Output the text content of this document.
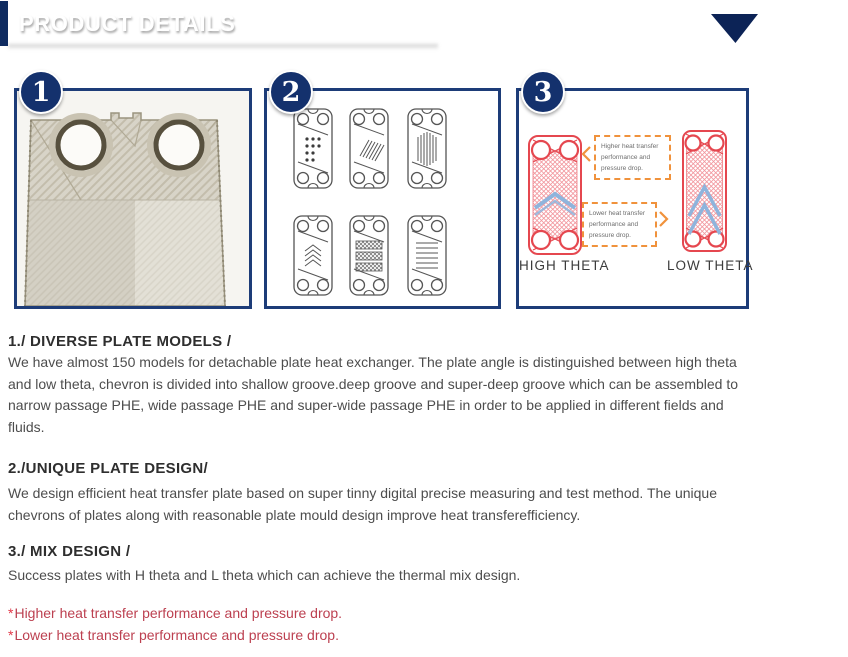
PRODUCT DETAILS
Higher heat transfer performance and pressure drop.
Lower heat transfer performance and pressure drop.
HIGH THETA	LOW THETA
1	2	3
1./ DIVERSE PLATE MODELS /
We have almost 150 models for detachable plate heat exchanger. The plate angle is distinguished between high theta and low theta, chevron is divided into shallow groove.deep groove and super-deep groove which can be assembled to narrow passage PHE, wide passage PHE and super-wide passage PHE in order to be applied in different fields and fluids.
2./UNIQUE PLATE DESIGN/
We design efficient heat transfer plate based on super tinny digital precise measuring and test method. The unique chevrons of plates along with reasonable plate mould design improve heat transferefficiency.
3./ MIX DESIGN /
Success plates with H theta and L theta which can achieve the thermal mix design.
*Higher heat transfer performance and pressure drop.
*Lower heat transfer performance and pressure drop.
